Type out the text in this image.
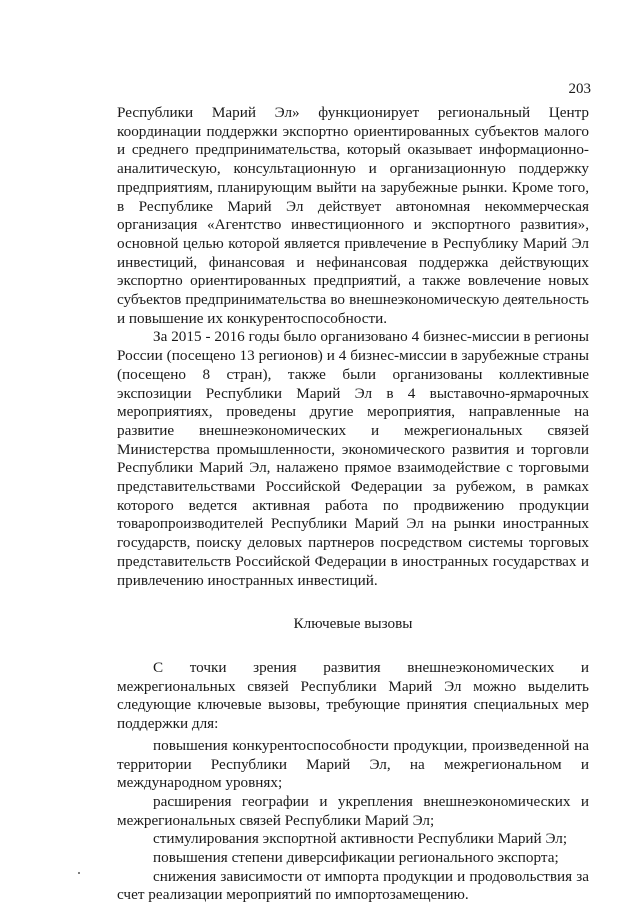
203

Республики Марий Эл» функционирует региональный Центр координации поддержки экспортно ориентированных субъектов малого и среднего предпринимательства, который оказывает информационно-аналитическую, консультационную и организационную поддержку предприятиям, планирующим выйти на зарубежные рынки. Кроме того, в Республике Марий Эл действует автономная некоммерческая организация «Агентство инвестиционного и экспортного развития», основной целью которой является привлечение в Республику Марий Эл инвестиций, финансовая и нефинансовая поддержка действующих экспортно ориентированных предприятий, а также вовлечение новых субъектов предпринимательства во внешнеэкономическую деятельность и повышение их конкурентоспособности.

За 2015 - 2016 годы было организовано 4 бизнес-миссии в регионы России (посещено 13 регионов) и 4 бизнес-миссии в зарубежные страны (посещено 8 стран), также были организованы коллективные экспозиции Республики Марий Эл в 4 выставочно-ярмарочных мероприятиях, проведены другие мероприятия, направленные на развитие внешнеэкономических и межрегиональных связей Министерства промышленности, экономического развития и торговли Республики Марий Эл, налажено прямое взаимодействие с торговыми представительствами Российской Федерации за рубежом, в рамках которого ведется активная работа по продвижению продукции товаропроизводителей Республики Марий Эл на рынки иностранных государств, поиску деловых партнеров посредством системы торговых представительств Российской Федерации в иностранных государствах и привлечению иностранных инвестиций.

Ключевые вызовы

С точки зрения развития внешнеэкономических и межрегиональных связей Республики Марий Эл можно выделить следующие ключевые вызовы, требующие принятия специальных мер поддержки для:

повышения конкурентоспособности продукции, произведенной на территории Республики Марий Эл, на межрегиональном и международном уровнях;

расширения географии и укрепления внешнеэкономических и межрегиональных связей Республики Марий Эл;

стимулирования экспортной активности Республики Марий Эл;

повышения степени диверсификации регионального экспорта;

снижения зависимости от импорта продукции и продовольствия за счет реализации мероприятий по импортозамещению.
